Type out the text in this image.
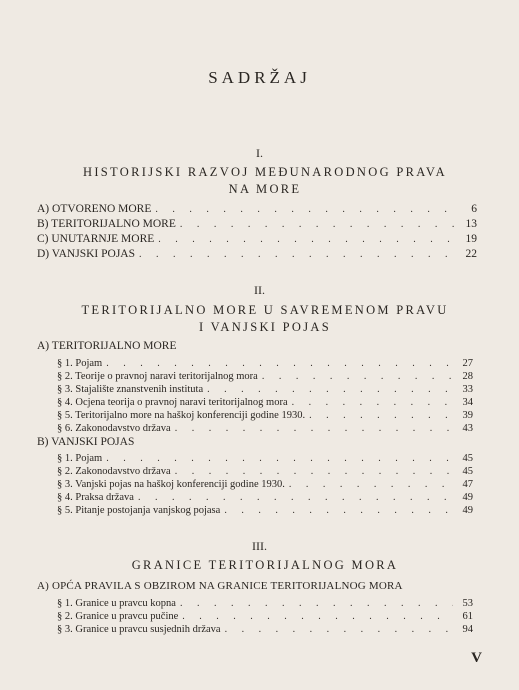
SADRŽAJ
I.
HISTORIJSKI RAZVOJ MEĐUNARODNOG PRAVA
NA MORE
A) OTVORENO MORE . . .	6
B) TERITORIJALNO MORE . . .	13
C) UNUTARNJE MORE . . .	19
D) VANJSKI POJAS . . .	22
II.
TERITORIJALNO MORE U SAVREMENOM PRAVU
I VANJSKI POJAS
A) TERITORIJALNO MORE
§ 1. Pojam . . .	27
§ 2. Teorije o pravnoj naravi teritorijalnog mora . . .	28
§ 3. Stajalište znanstvenih instituta . . .	33
§ 4. Ocjena teorija o pravnoj naravi teritorijalnog mora . . .	34
§ 5. Teritorijalno more na haškoj konferenciji godine 1930. . . .	39
§ 6. Zakonodavstvo država . . .	43
B) VANJSKI POJAS
§ 1. Pojam . . .	45
§ 2. Zakonodavstvo država . . .	45
§ 3. Vanjski pojas na haškoj konferenciji godine 1930. . . .	47
§ 4. Praksa država . . .	49
§ 5. Pitanje postojanja vanjskog pojasa . . .	49
III.
GRANICE TERITORIJALNOG MORA
A) OPĆA PRAVILA S OBZIROM NA GRANICE TERITORIJALNOG MORA
§ 1. Granice u pravcu kopna . . .	53
§ 2. Granice u pravcu pučine . . .	61
§ 3. Granice u pravcu susjednih država . . .	94
V
